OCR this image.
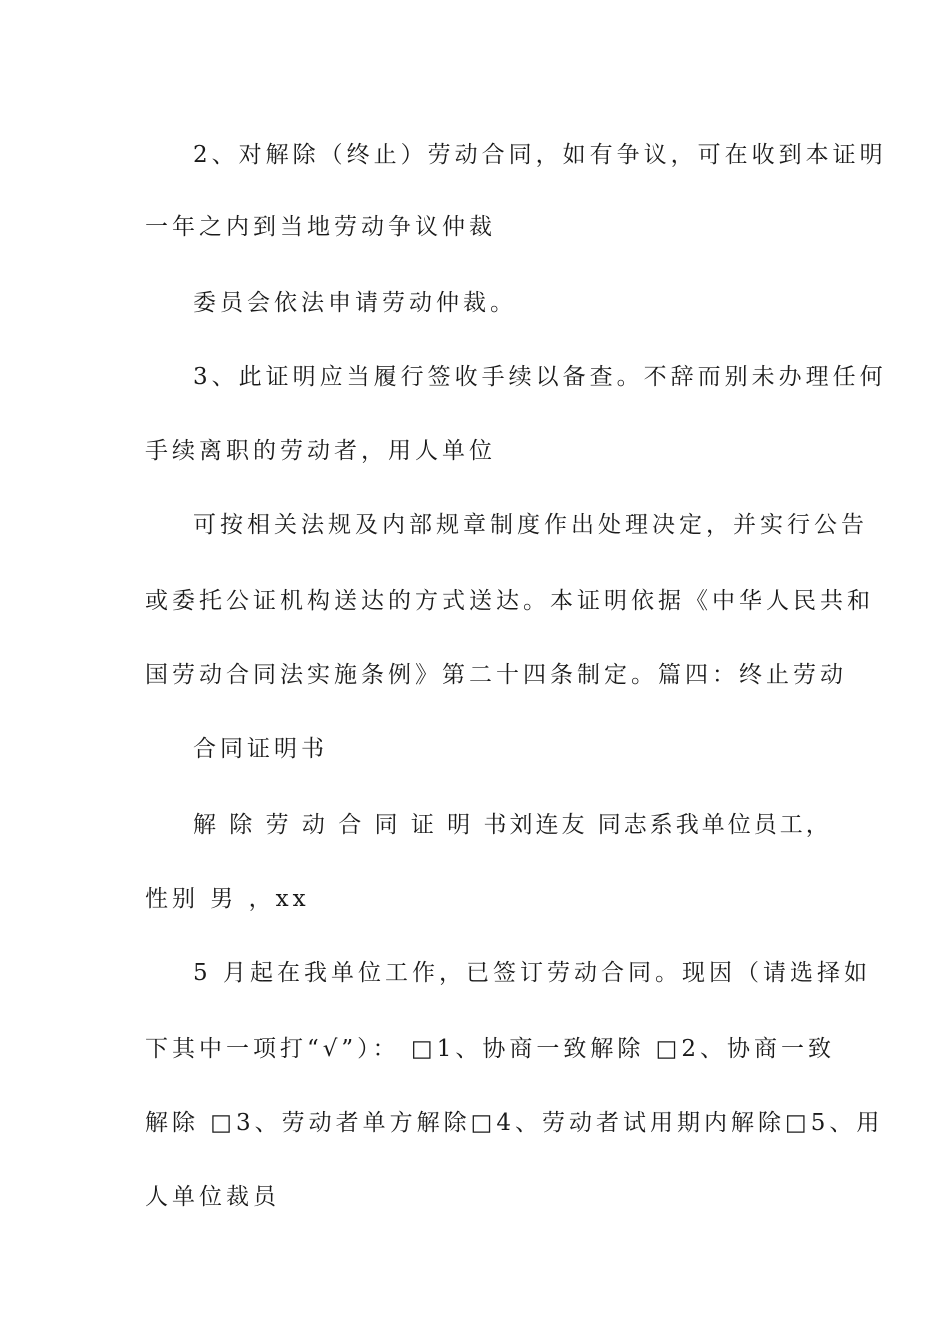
2、对解除（终止）劳动合同，如有争议，可在收到本证明
一年之内到当地劳动争议仲裁
委员会依法申请劳动仲裁。
3、此证明应当履行签收手续以备查。不辞而别未办理任何
手续离职的劳动者，用人单位
可按相关法规及内部规章制度作出处理决定，并实行公告
或委托公证机构送达的方式送达。本证明依据《中华人民共和
国劳动合同法实施条例》第二十四条制定。篇四：终止劳动
合同证明书
解 除 劳 动 合 同 证 明 书刘连友 同志系我单位员工，
性别 男 ，xx
5 月起在我单位工作，已签订劳动合同。现因（请选择如
下其中一项打“√”）： □1、协商一致解除 □2、协商一致
解除 □3、劳动者单方解除□4、劳动者试用期内解除□5、用
人单位裁员
